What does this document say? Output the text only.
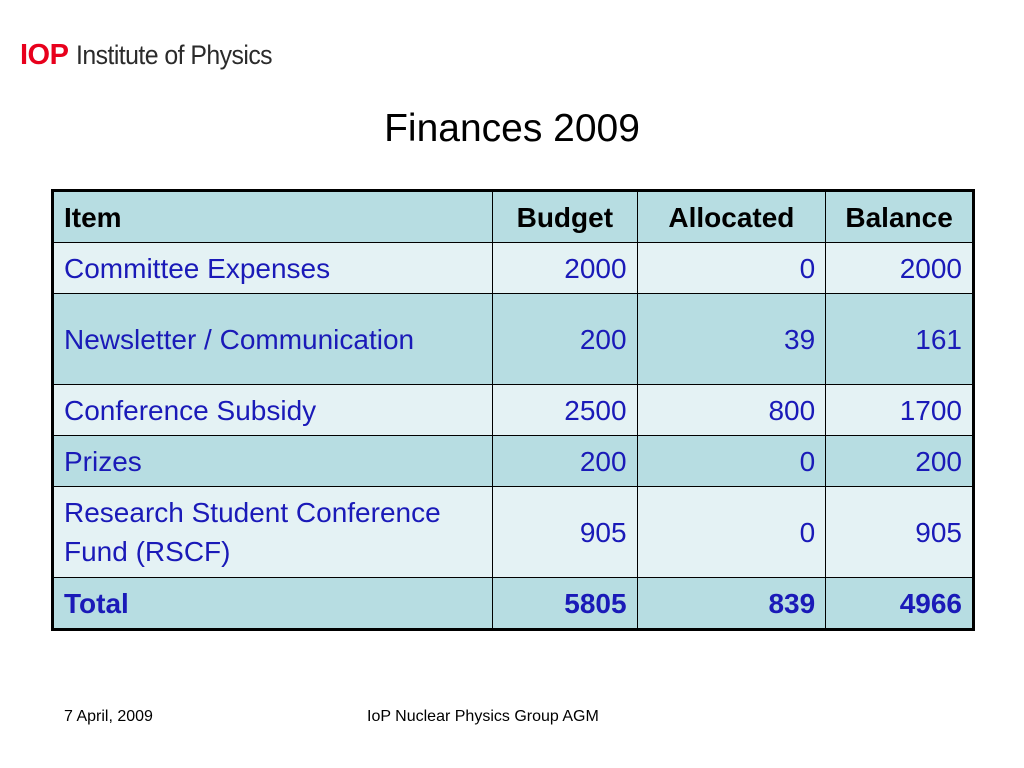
IOP Institute of Physics
Finances 2009
Item	Budget	Allocated	Balance
Committee Expenses	2000	0	2000
Newsletter / Communication	200	39	161
Conference Subsidy	2500	800	1700
Prizes	200	0	200
Research Student Conference Fund (RSCF)	905	0	905
Total	5805	839	4966
7 April, 2009	IoP Nuclear Physics Group AGM
